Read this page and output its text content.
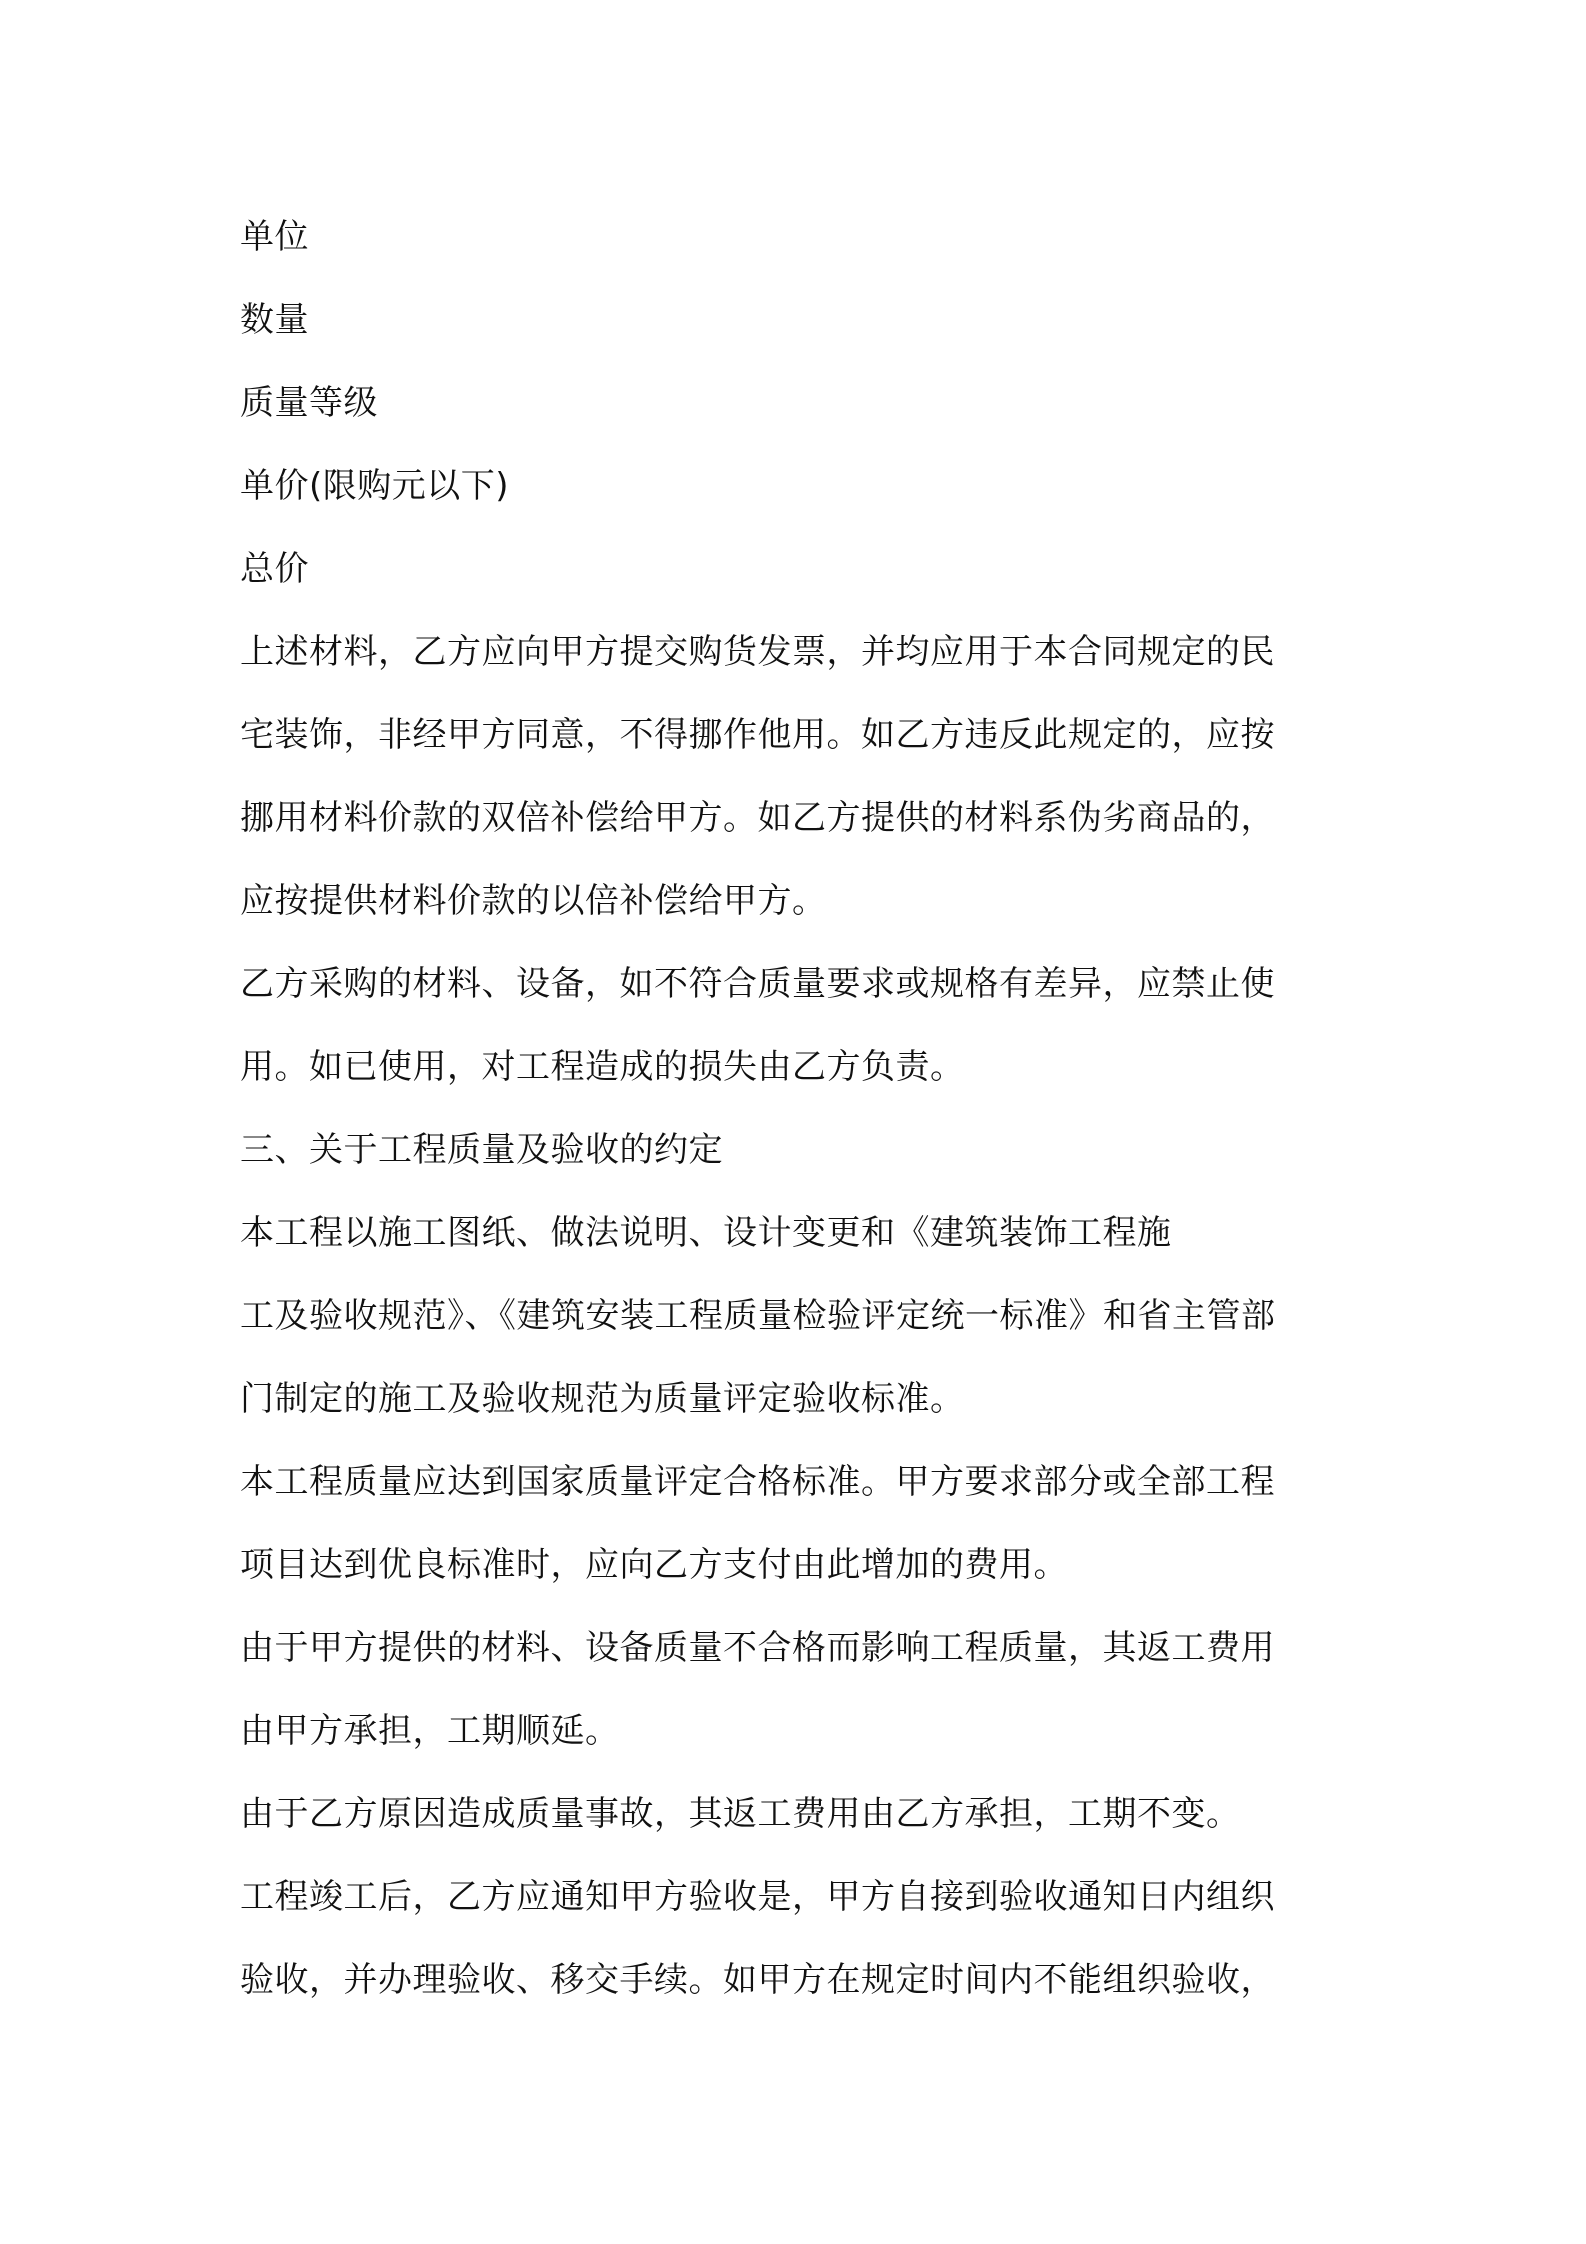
单位
数量
质量等级
单价(限购元以下)
总价
上述材料，乙方应向甲方提交购货发票，并均应用于本合同规定的民
宅装饰，非经甲方同意，不得挪作他用。如乙方违反此规定的，应按
挪用材料价款的双倍补偿给甲方。如乙方提供的材料系伪劣商品的，
应按提供材料价款的以倍补偿给甲方。
乙方采购的材料、设备，如不符合质量要求或规格有差异，应禁止使
用。如已使用，对工程造成的损失由乙方负责。
三、关于工程质量及验收的约定
本工程以施工图纸、做法说明、设计变更和《建筑装饰工程施
工及验收规范》、《建筑安装工程质量检验评定统一标准》和省主管部
门制定的施工及验收规范为质量评定验收标准。
本工程质量应达到国家质量评定合格标准。甲方要求部分或全部工程
项目达到优良标准时，应向乙方支付由此增加的费用。
由于甲方提供的材料、设备质量不合格而影响工程质量，其返工费用
由甲方承担，工期顺延。
由于乙方原因造成质量事故，其返工费用由乙方承担，工期不变。
工程竣工后，乙方应通知甲方验收是，甲方自接到验收通知日内组织
验收，并办理验收、移交手续。如甲方在规定时间内不能组织验收，
